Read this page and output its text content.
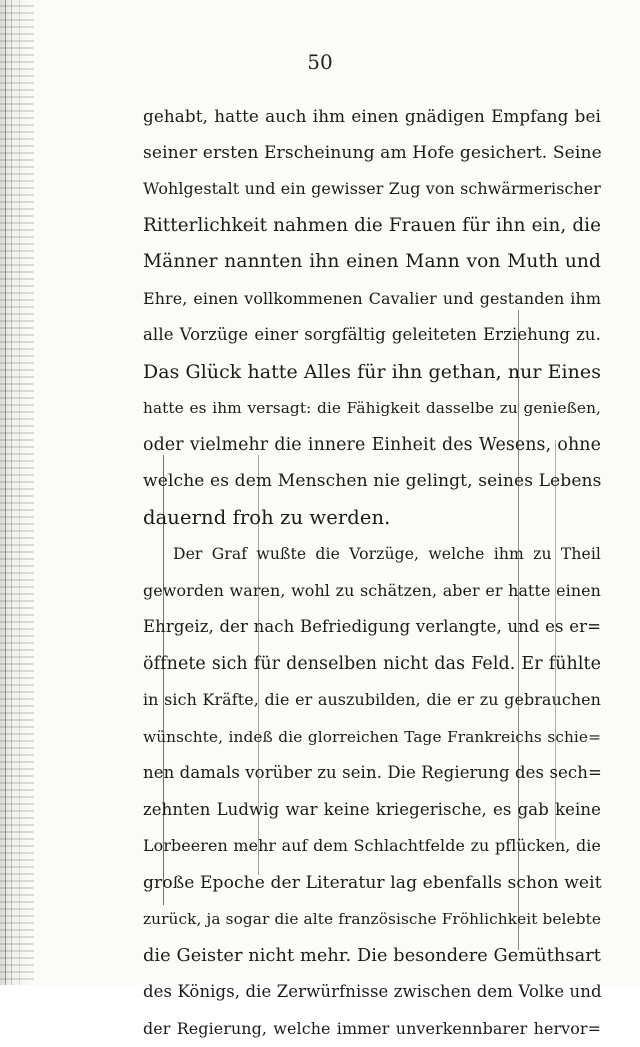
50
gehabt, hatte auch ihm einen gnädigen Empfang bei
seiner ersten Erscheinung am Hofe gesichert. Seine
Wohlgestalt und ein gewisser Zug von schwärmerischer
Ritterlichkeit nahmen die Frauen für ihn ein, die
Männer nannten ihn einen Mann von Muth und
Ehre, einen vollkommenen Cavalier und gestanden ihm
alle Vorzüge einer sorgfältig geleiteten Erziehung zu.
Das Glück hatte Alles für ihn gethan, nur Eines
hatte es ihm versagt: die Fähigkeit dasselbe zu genießen,
oder vielmehr die innere Einheit des Wesens, ohne
welche es dem Menschen nie gelingt, seines Lebens
dauernd froh zu werden.
Der Graf wußte die Vorzüge, welche ihm zu Theil
geworden waren, wohl zu schätzen, aber er hatte einen
Ehrgeiz, der nach Befriedigung verlangte, und es er=
öffnete sich für denselben nicht das Feld. Er fühlte
in sich Kräfte, die er auszubilden, die er zu gebrauchen
wünschte, indeß die glorreichen Tage Frankreichs schie=
nen damals vorüber zu sein. Die Regierung des sech=
zehnten Ludwig war keine kriegerische, es gab keine
Lorbeeren mehr auf dem Schlachtfelde zu pflücken, die
große Epoche der Literatur lag ebenfalls schon weit
zurück, ja sogar die alte französische Fröhlichkeit belebte
die Geister nicht mehr. Die besondere Gemüthsart
des Königs, die Zerwürfnisse zwischen dem Volke und
der Regierung, welche immer unverkennbarer hervor=
